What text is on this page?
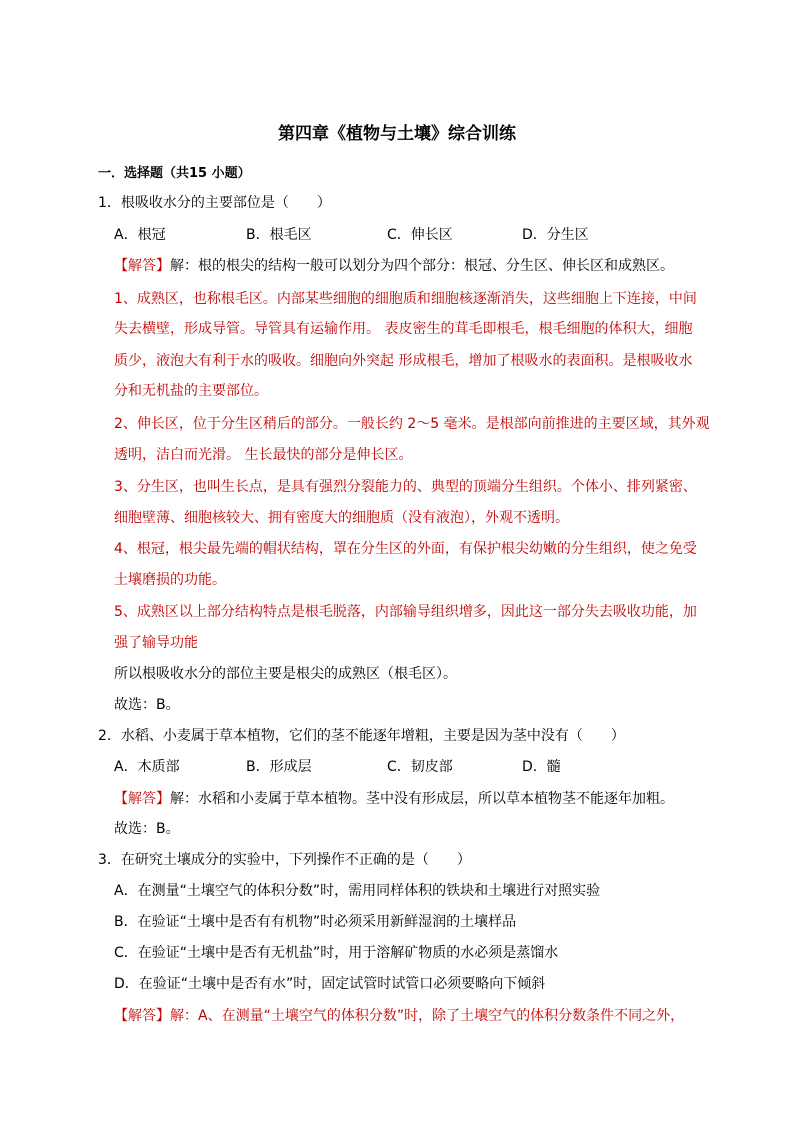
第四章《植物与土壤》综合训练
一．选择题（共15 小题）
1．根吸收水分的主要部位是（　　）
A．根冠	B．根毛区	C．伸长区	D．分生区
【解答】解：根的根尖的结构一般可以划分为四个部分：根冠、分生区、伸长区和成熟区。
1、成熟区，也称根毛区。内部某些细胞的细胞质和细胞核逐渐消失，这些细胞上下连接，中间
失去横壁，形成导管。导管具有运输作用。 表皮密生的茸毛即根毛，根毛细胞的体积大，细胞
质少，液泡大有利于水的吸收。细胞向外突起 形成根毛，增加了根吸水的表面积。是根吸收水
分和无机盐的主要部位。
2、伸长区，位于分生区稍后的部分。一般长约 2～5 毫米。是根部向前推进的主要区域，其外观
透明，洁白而光滑。 生长最快的部分是伸长区。
3、分生区，也叫生长点，是具有强烈分裂能力的、典型的顶端分生组织。个体小、排列紧密、
细胞壁薄、细胞核较大、拥有密度大的细胞质（没有液泡），外观不透明。
4、根冠，根尖最先端的帽状结构，罩在分生区的外面，有保护根尖幼嫩的分生组织，使之免受
土壤磨损的功能。
5、成熟区以上部分结构特点是根毛脱落，内部输导组织增多，因此这一部分失去吸收功能，加
强了输导功能
所以根吸收水分的部位主要是根尖的成熟区（根毛区）。
故选：B。
2．水稻、小麦属于草本植物，它们的茎不能逐年增粗，主要是因为茎中没有（　　）
A．木质部	B．形成层	C．韧皮部	D．髓
【解答】解：水稻和小麦属于草本植物。茎中没有形成层，所以草本植物茎不能逐年加粗。
故选：B。
3．在研究土壤成分的实验中，下列操作不正确的是（　　）
A．在测量“土壤空气的体积分数”时，需用同样体积的铁块和土壤进行对照实验
B．在验证“土壤中是否有有机物”时必须采用新鲜湿润的土壤样品
C．在验证“土壤中是否有无机盐”时，用于溶解矿物质的水必须是蒸馏水
D．在验证“土壤中是否有水”时，固定试管时试管口必须要略向下倾斜
【解答】解：A、在测量“土壤空气的体积分数”时，除了土壤空气的体积分数条件不同之外，
